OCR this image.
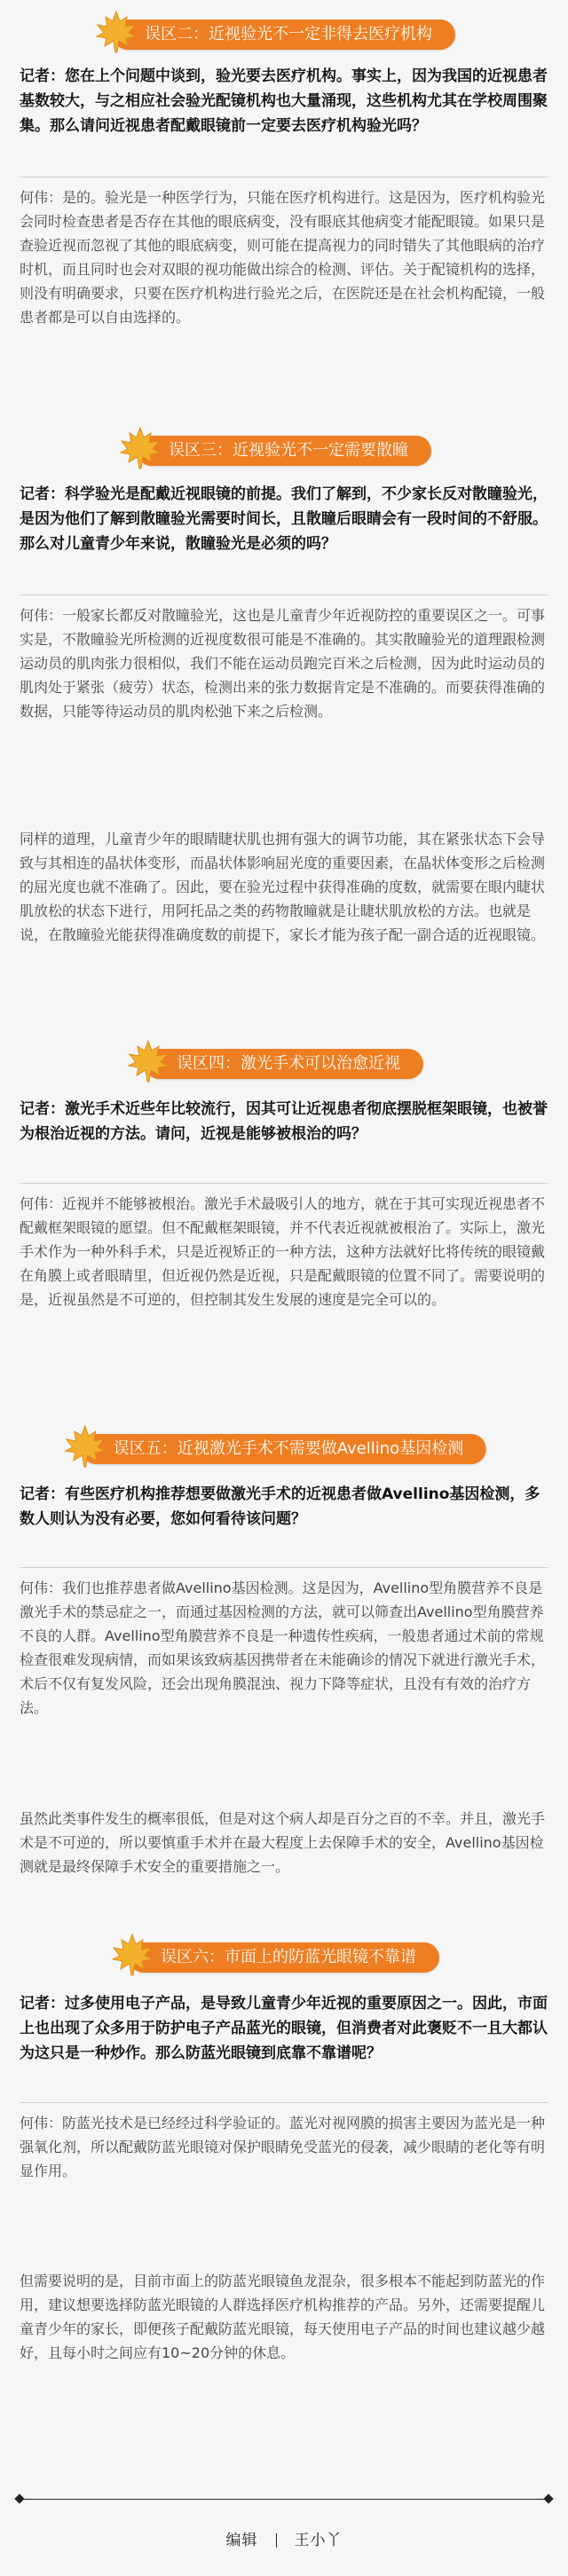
误区二：近视验光不一定非得去医疗机构

记者：您在上个问题中谈到，验光要去医疗机构。事实上，因为我国的近视患者基数较大，与之相应社会验光配镜机构也大量涌现，这些机构尤其在学校周围聚集。那么请问近视患者配戴眼镜前一定要去医疗机构验光吗？

何伟：是的。验光是一种医学行为，只能在医疗机构进行。这是因为，医疗机构验光会同时检查患者是否存在其他的眼底病变，没有眼底其他病变才能配眼镜。如果只是查验近视而忽视了其他的眼底病变，则可能在提高视力的同时错失了其他眼病的治疗时机，而且同时也会对双眼的视功能做出综合的检测、评估。关于配镜机构的选择，则没有明确要求，只要在医疗机构进行验光之后，在医院还是在社会机构配镜，一般患者都是可以自由选择的。

误区三：近视验光不一定需要散瞳

记者：科学验光是配戴近视眼镜的前提。我们了解到，不少家长反对散瞳验光，是因为他们了解到散瞳验光需要时间长，且散瞳后眼睛会有一段时间的不舒服。那么对儿童青少年来说，散瞳验光是必须的吗？

何伟：一般家长都反对散瞳验光，这也是儿童青少年近视防控的重要误区之一。可事实是，不散瞳验光所检测的近视度数很可能是不准确的。其实散瞳验光的道理跟检测运动员的肌肉张力很相似，我们不能在运动员跑完百米之后检测，因为此时运动员的肌肉处于紧张（疲劳）状态，检测出来的张力数据肯定是不准确的。而要获得准确的数据，只能等待运动员的肌肉松弛下来之后检测。

同样的道理，儿童青少年的眼睛睫状肌也拥有强大的调节功能，其在紧张状态下会导致与其相连的晶状体变形，而晶状体影响屈光度的重要因素，在晶状体变形之后检测的屈光度也就不准确了。因此，要在验光过程中获得准确的度数，就需要在眼内睫状肌放松的状态下进行，用阿托品之类的药物散瞳就是让睫状肌放松的方法。也就是说，在散瞳验光能获得准确度数的前提下，家长才能为孩子配一副合适的近视眼镜。

误区四：激光手术可以治愈近视

记者：激光手术近些年比较流行，因其可让近视患者彻底摆脱框架眼镜，也被誉为根治近视的方法。请问，近视是能够被根治的吗？

何伟：近视并不能够被根治。激光手术最吸引人的地方，就在于其可实现近视患者不配戴框架眼镜的愿望。但不配戴框架眼镜，并不代表近视就被根治了。实际上，激光手术作为一种外科手术，只是近视矫正的一种方法，这种方法就好比将传统的眼镜戴在角膜上或者眼睛里，但近视仍然是近视，只是配戴眼镜的位置不同了。需要说明的是，近视虽然是不可逆的，但控制其发生发展的速度是完全可以的。

误区五：近视激光手术不需要做Avellino基因检测

记者：有些医疗机构推荐想要做激光手术的近视患者做Avellino基因检测，多数人则认为没有必要，您如何看待该问题？

何伟：我们也推荐患者做Avellino基因检测。这是因为，Avellino型角膜营养不良是激光手术的禁忌症之一，而通过基因检测的方法，就可以筛查出Avellino型角膜营养不良的人群。Avellino型角膜营养不良是一种遗传性疾病，一般患者通过术前的常规检查很难发现病情，而如果该致病基因携带者在未能确诊的情况下就进行激光手术，术后不仅有复发风险，还会出现角膜混浊、视力下降等症状，且没有有效的治疗方法。

虽然此类事件发生的概率很低，但是对这个病人却是百分之百的不幸。并且，激光手术是不可逆的，所以要慎重手术并在最大程度上去保障手术的安全，Avellino基因检测就是最终保障手术安全的重要措施之一。

误区六：市面上的防蓝光眼镜不靠谱

记者：过多使用电子产品，是导致儿童青少年近视的重要原因之一。因此，市面上也出现了众多用于防护电子产品蓝光的眼镜，但消费者对此褒贬不一且大都认为这只是一种炒作。那么防蓝光眼镜到底靠不靠谱呢？

何伟：防蓝光技术是已经经过科学验证的。蓝光对视网膜的损害主要因为蓝光是一种强氧化剂，所以配戴防蓝光眼镜对保护眼睛免受蓝光的侵袭，减少眼睛的老化等有明显作用。

但需要说明的是，目前市面上的防蓝光眼镜鱼龙混杂，很多根本不能起到防蓝光的作用，建议想要选择防蓝光眼镜的人群选择医疗机构推荐的产品。另外，还需要提醒儿童青少年的家长，即便孩子配戴防蓝光眼镜，每天使用电子产品的时间也建议越少越好，且每小时之间应有10~20分钟的休息。

编辑 王小丫
